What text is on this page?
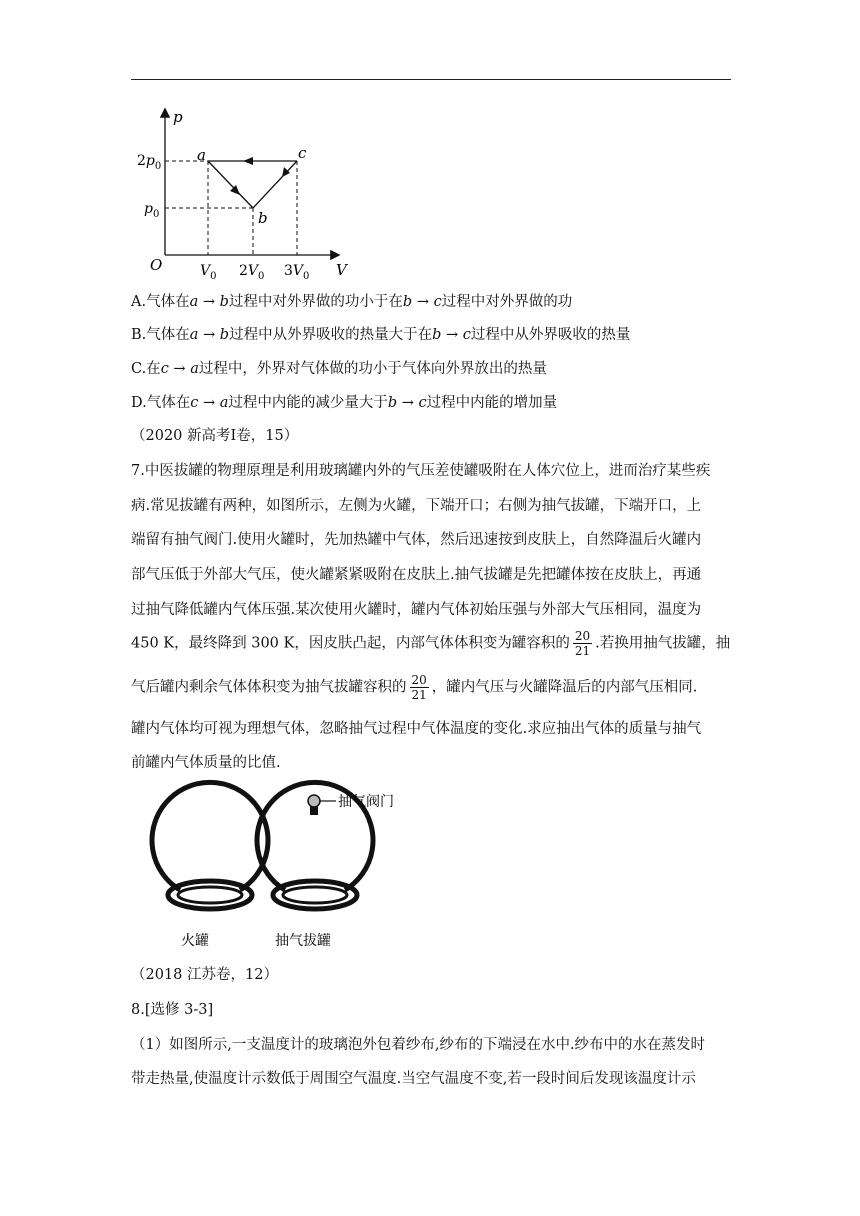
p
V
O
$2p_0$
$p_0$
$V_0$ $2V_0$ $3V_0$
a
b
c
A.气体在a → b过程中对外界做的功小于在b → c过程中对外界做的功
B.气体在a → b过程中从外界吸收的热量大于在b → c过程中从外界吸收的热量
C.在c → a过程中，外界对气体做的功小于气体向外界放出的热量
D.气体在c → a过程中内能的减少量大于b → c过程中内能的增加量
（2020 新高考Ⅰ卷，15）
7.中医拔罐的物理原理是利用玻璃罐内外的气压差使罐吸附在人体穴位上，进而治疗某些疾
病.常见拔罐有两种，如图所示，左侧为火罐，下端开口；右侧为抽气拔罐，下端开口，上
端留有抽气阀门.使用火罐时，先加热罐中气体，然后迅速按到皮肤上，自然降温后火罐内
部气压低于外部大气压，使火罐紧紧吸附在皮肤上.抽气拔罐是先把罐体按在皮肤上，再通
过抽气降低罐内气体压强.某次使用火罐时，罐内气体初始压强与外部大气压相同，温度为
450 K，最终降到 300 K，因皮肤凸起，内部气体体积变为罐容积的 $\frac{20}{21}$ .若换用抽气拔罐，抽
气后罐内剩余气体体积变为抽气拔罐容积的 $\frac{20}{21}$ ，罐内气压与火罐降温后的内部气压相同.
罐内气体均可视为理想气体，忽略抽气过程中气体温度的变化.求应抽出气体的质量与抽气
前罐内气体质量的比值.
抽气阀门
火罐	抽气拔罐
（2018 江苏卷，12）
8.[选修 3-3]
（1）如图所示,一支温度计的玻璃泡外包着纱布,纱布的下端浸在水中.纱布中的水在蒸发时
带走热量,使温度计示数低于周围空气温度.当空气温度不变,若一段时间后发现该温度计示
